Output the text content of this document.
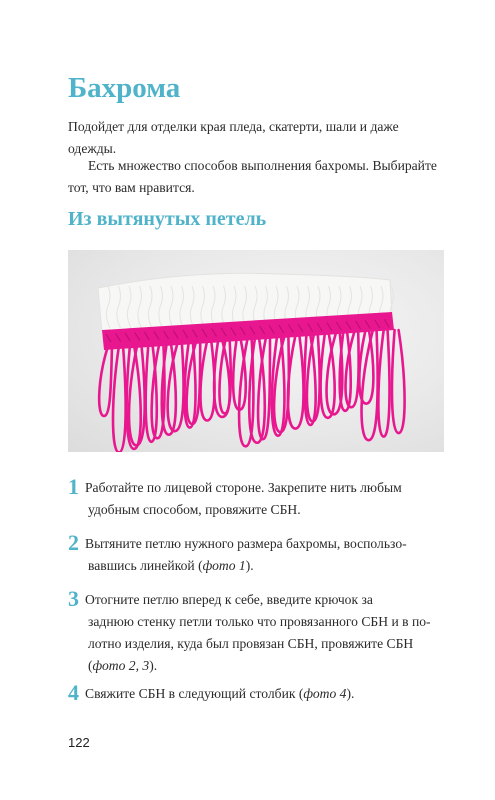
Бахрома

Подойдет для отделки края пледа, скатерти, шали и даже одежды.

Есть множество способов выполнения бахромы. Выбирайте тот, что вам нравится.

Из вытянутых петель

1 Работайте по лицевой стороне. Закрепите нить любым
удобным способом, провяжите СБН.

2 Вытяните петлю нужного размера бахромы, воспользо-
вавшись линейкой (фото 1).

3 Отогните петлю вперед к себе, введите крючок за
заднюю стенку петли только что провязанного СБН и в по-
лотно изделия, куда был провязан СБН, провяжите СБН
(фото 2, 3).

4 Свяжите СБН в следующий столбик (фото 4).

122
